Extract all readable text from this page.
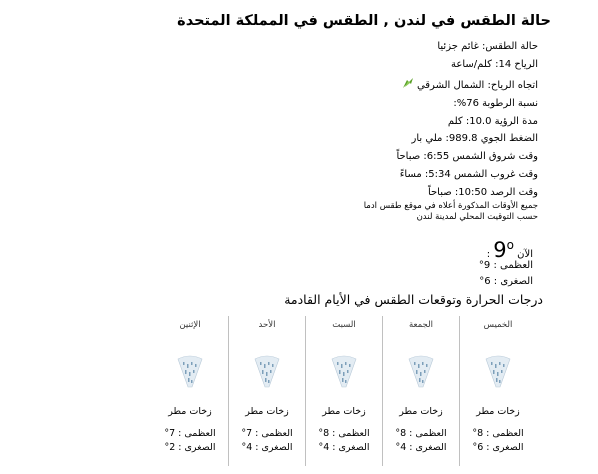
حالة الطقس في لندن , الطقس في المملكة المتحدة
حالة الطقس: غائم جزئيا
الرياح 14: كلم/ساعة
اتجاه الرياح: الشمال الشرقي
نسبة الرطوبة 76%:
مدة الرؤية 10.0: كلم
الضغط الجوي 989.8: ملي بار
وقت شروق الشمس 6:55: صباحاً
وقت غروب الشمس 5:34: مساءً
وقت الرصد 10:50: صباحاً
جميع الأوقات المذكورة أعلاه في موقع طقس ادما
حسب التوقيت المحلي لمدينة لندن
الآن 9o :
العظمى : 9°
الصغرى : 6°
درجات الحرارة وتوقعات الطقس في الأيام القادمة
الخميس
زخات مطر
العظمى : 8°
الصغرى : 6°
الجمعة
زخات مطر
العظمى : 8°
الصغرى : 4°
السبت
زخات مطر
العظمى : 8°
الصغرى : 4°
الأحد
زخات مطر
العظمى : 7°
الصغرى : 4°
الإثنين
زخات مطر
العظمى : 7°
الصغرى : 2°
